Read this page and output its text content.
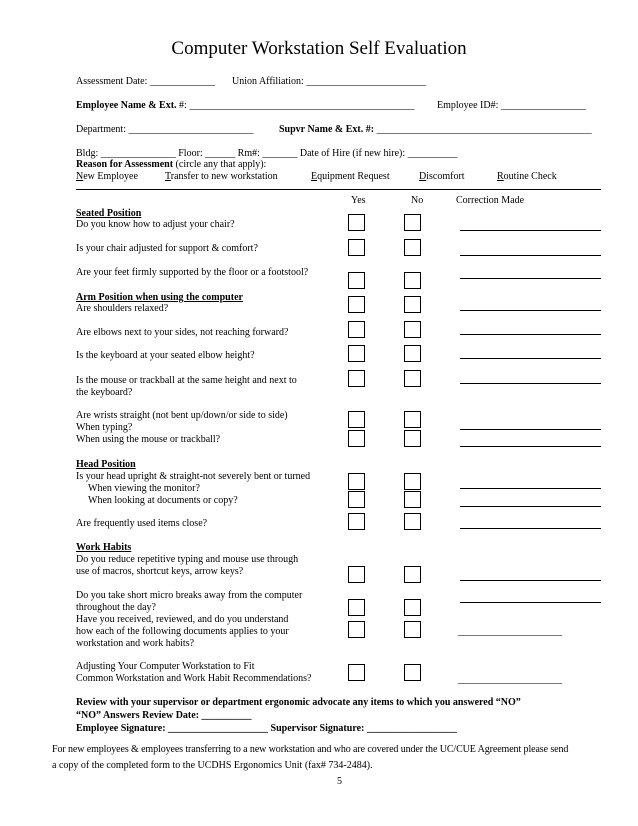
Computer Workstation Self Evaluation
Assessment Date: _____________ Union Affiliation: ________________________
Employee Name & Ext. #: _____________________________________________ Employee ID#: _________________
Department: _________________________	Supvr Name & Ext. #: ___________________________________________
Bldg: _______________ Floor: ______ Rm#: _______ Date of Hire (if new hire): __________
Reason for Assessment (circle any that apply):
New Employee	Transfer to new workstation	Equipment Request	Discomfort	Routine Check
Yes	No	Correction Made
Seated Position
Do you know how to adjust your chair?
Is your chair adjusted for support & comfort?
Are your feet firmly supported by the floor or a footstool?
Arm Position when using the computer
Are shoulders relaxed?
Are elbows next to your sides, not reaching forward?
Is the keyboard at your seated elbow height?
Is the mouse or trackball at the same height and next to
the keyboard?
Are wrists straight (not bent up/down/or side to side)
When typing?
When using the mouse or trackball?
Head Position
Is your head upright & straight-not severely bent or turned
When viewing the monitor?
When looking at documents or copy?
Are frequently used items close?
Work Habits
Do you reduce repetitive typing and mouse use through
use of macros, shortcut keys, arrow keys?
Do you take short micro breaks away from the computer
throughout the day?
Have you received, reviewed, and do you understand
how each of the following documents applies to your
workstation and work habits?
_______________________
Adjusting Your Computer Workstation to Fit
Common Workstation and Work Habit Recommendations?	_______________________
Review with your supervisor or department ergonomic advocate any items to which you answered “NO”
“NO” Answers Review Date: __________
Employee Signature: ____________________ Supervisor Signature: __________________
For new employees & employees transferring to a new workstation and who are covered under the UC/CUE Agreement please send
a copy of the completed form to the UCDHS Ergonomics Unit (fax# 734-2484).
5
